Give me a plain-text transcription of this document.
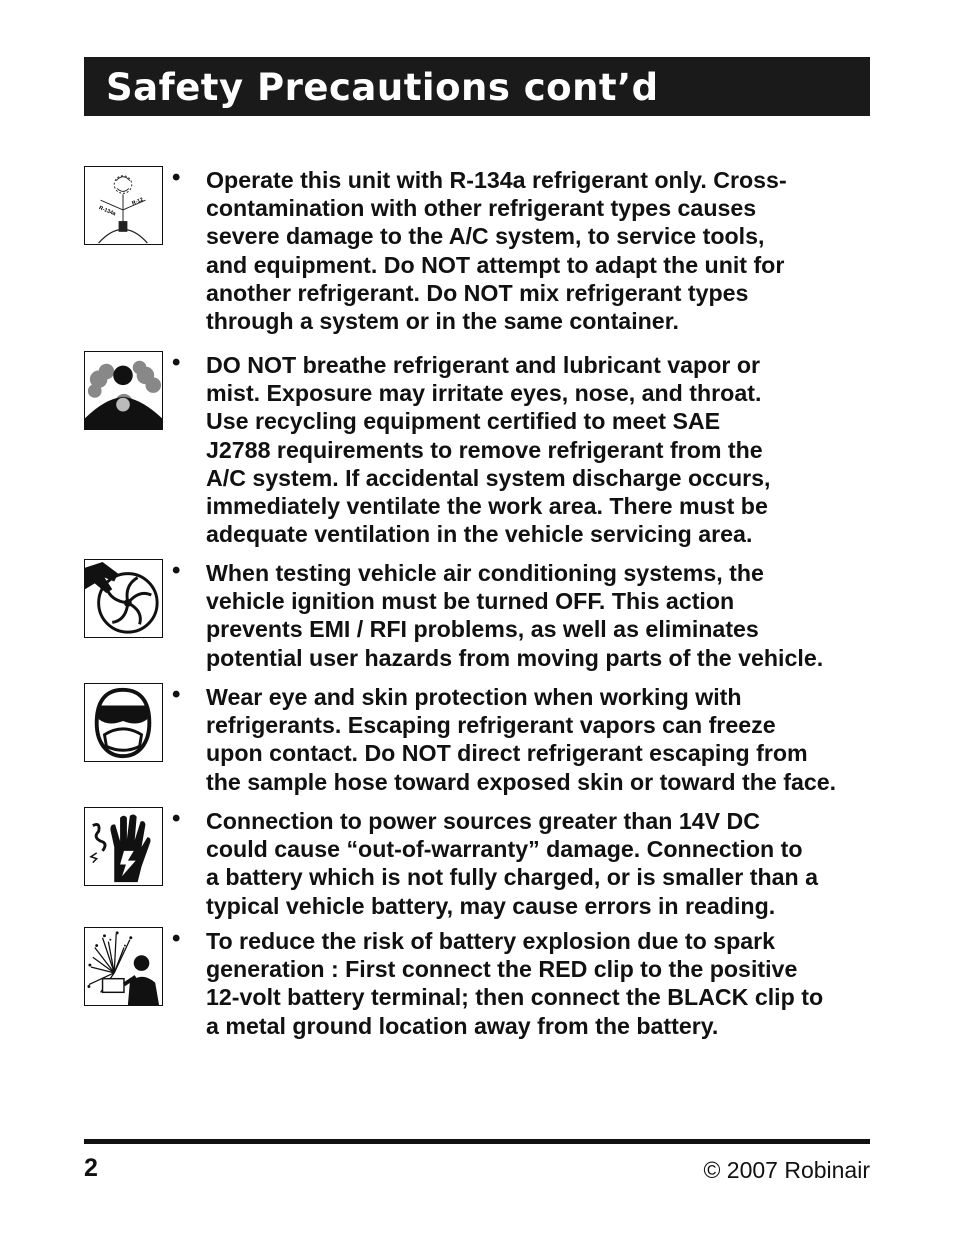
Safety Precautions cont’d
R-134a
R-12
• Operate this unit with R-134a refrigerant only. Cross-
contamination with other refrigerant types causes
severe damage to the A/C system, to service tools,
and equipment. Do NOT attempt to adapt the unit for
another refrigerant. Do NOT mix refrigerant types
through a system or in the same container.
• DO NOT breathe refrigerant and lubricant vapor or
mist. Exposure may irritate eyes, nose, and throat.
Use recycling equipment certified to meet SAE
J2788 requirements to remove refrigerant from the
A/C system. If accidental system discharge occurs,
immediately ventilate the work area. There must be
adequate ventilation in the vehicle servicing area.
• When testing vehicle air conditioning systems, the
vehicle ignition must be turned OFF. This action
prevents EMI / RFI problems, as well as eliminates
potential user hazards from moving parts of the vehicle.
• Wear eye and skin protection when working with
refrigerants. Escaping refrigerant vapors can freeze
upon contact. Do NOT direct refrigerant escaping from
the sample hose toward exposed skin or toward the face.
• Connection to power sources greater than 14V DC
could cause “out-of-warranty” damage. Connection to
a battery which is not fully charged, or is smaller than a
typical vehicle battery, may cause errors in reading.
• To reduce the risk of battery explosion due to spark
generation : First connect the RED clip to the positive
12-volt battery terminal; then connect the BLACK clip to
a metal ground location away from the battery.
2	© 2007 Robinair
